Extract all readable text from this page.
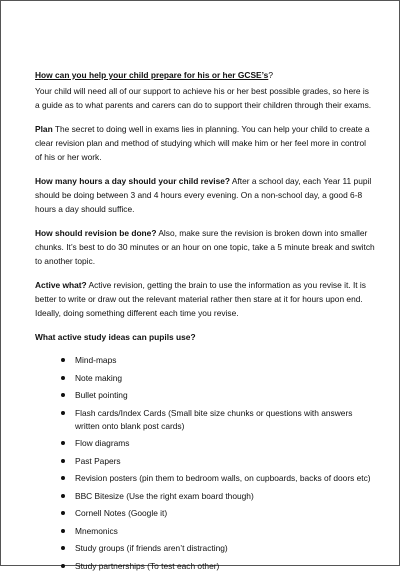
How can you help your child prepare for his or her GCSE’s?

Your child will need all of our support to achieve his or her best possible grades, so here is a guide as to what parents and carers can do to support their children through their exams.

Plan The secret to doing well in exams lies in planning. You can help your child to create a clear revision plan and method of studying which will make him or her feel more in control of his or her work.

How many hours a day should your child revise? After a school day, each Year 11 pupil should be doing between 3 and 4 hours every evening. On a non-school day, a good 6-8 hours a day should suffice.

How should revision be done? Also, make sure the revision is broken down into smaller chunks. It’s best to do 30 minutes or an hour on one topic, take a 5 minute break and switch to another topic.

Active what? Active revision, getting the brain to use the information as you revise it. It is better to write or draw out the relevant material rather then stare at it for hours upon end. Ideally, doing something different each time you revise.

What active study ideas can pupils use?

Mind-maps
Note making
Bullet pointing
Flash cards/Index Cards (Small bite size chunks or questions with answers written onto blank post cards)
Flow diagrams
Past Papers
Revision posters (pin them to bedroom walls, on cupboards, backs of doors etc)
BBC Bitesize (Use the right exam board though)
Cornell Notes (Google it)
Mnemonics
Study groups (if friends aren’t distracting)
Study partnerships (To test each other)
